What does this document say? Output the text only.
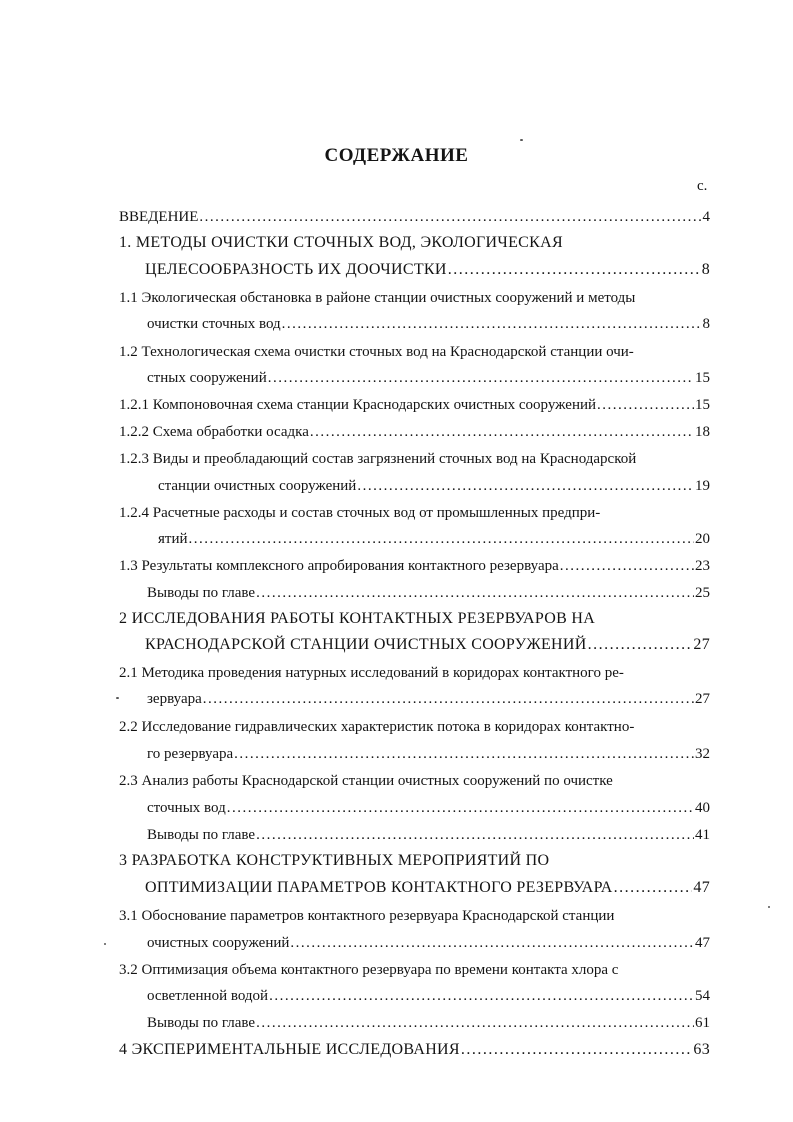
СОДЕРЖАНИЕ
с.
ВВЕДЕНИЕ .....	4
1. МЕТОДЫ ОЧИСТКИ СТОЧНЫХ ВОД, ЭКОЛОГИЧЕСКАЯ
ЦЕЛЕСООБРАЗНОСТЬ ИХ ДООЧИСТКИ .....	8
1.1 Экологическая обстановка в районе станции очистных сооружений и методы
очистки сточных вод .....	8
1.2 Технологическая схема очистки сточных вод на Краснодарской станции очи-
стных сооружений .....	15
1.2.1 Компоновочная схема станции Краснодарских очистных сооружений .....	15
1.2.2 Схема обработки осадка .....	18
1.2.3 Виды и преобладающий состав загрязнений сточных вод на Краснодарской
станции очистных сооружений .....	19
1.2.4 Расчетные расходы и состав сточных вод от промышленных предпри-
ятий .....	20
1.3 Результаты комплексного апробирования контактного резервуара .....	23
Выводы по главе .....	25
2 ИССЛЕДОВАНИЯ РАБОТЫ КОНТАКТНЫХ РЕЗЕРВУАРОВ НА
КРАСНОДАРСКОЙ СТАНЦИИ ОЧИСТНЫХ СООРУЖЕНИЙ .....	27
2.1 Методика проведения натурных исследований в коридорах контактного ре-
зервуара .....	27
2.2 Исследование гидравлических характеристик потока в коридорах контактно-
го резервуара .....	32
2.3 Анализ работы Краснодарской станции очистных сооружений по очистке
сточных вод .....	40
Выводы по главе .....	41
3 РАЗРАБОТКА КОНСТРУКТИВНЫХ МЕРОПРИЯТИЙ ПО
ОПТИМИЗАЦИИ ПАРАМЕТРОВ КОНТАКТНОГО РЕЗЕРВУАРА .....	47
3.1 Обоснование параметров контактного резервуара Краснодарской станции
очистных сооружений .....	47
3.2 Оптимизация объема контактного резервуара по времени контакта хлора с
осветленной водой .....	54
Выводы по главе .....	61
4 ЭКСПЕРИМЕНТАЛЬНЫЕ ИССЛЕДОВАНИЯ .....	63
